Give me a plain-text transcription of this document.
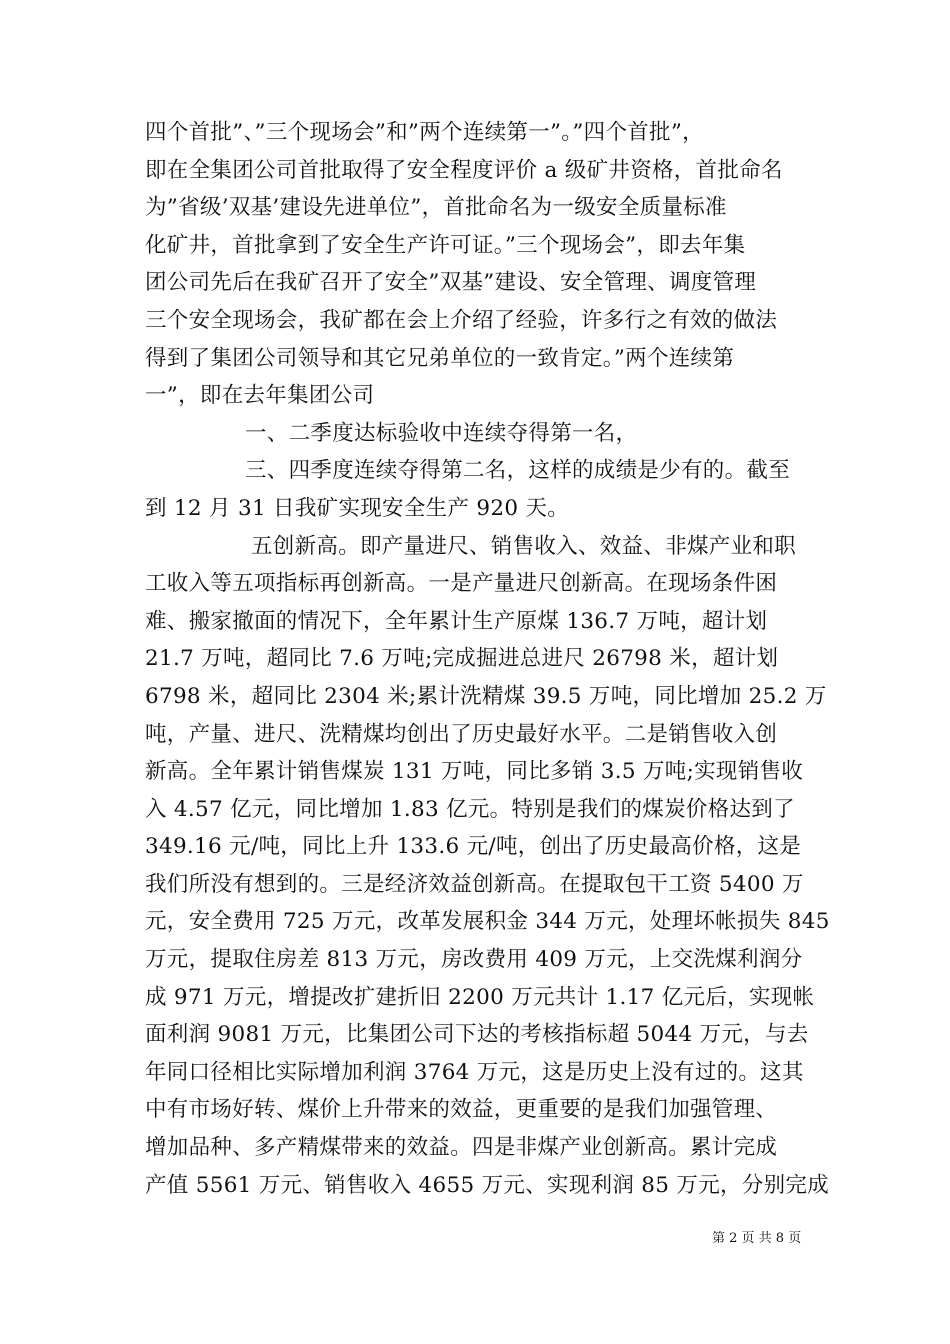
四个首批”、”三个现场会”和”两个连续第一”。”四个首批”，
即在全集团公司首批取得了安全程度评价 a 级矿井资格，首批命名
为”省级’双基’建设先进单位”，首批命名为一级安全质量标准
化矿井，首批拿到了安全生产许可证。”三个现场会”，即去年集
团公司先后在我矿召开了安全”双基”建设、安全管理、调度管理
三个安全现场会，我矿都在会上介绍了经验，许多行之有效的做法
得到了集团公司领导和其它兄弟单位的一致肯定。”两个连续第
一”，即在去年集团公司
一、二季度达标验收中连续夺得第一名，
三、四季度连续夺得第二名，这样的成绩是少有的。截至
到 12 月 31 日我矿实现安全生产 920 天。
五创新高。即产量进尺、销售收入、效益、非煤产业和职
工收入等五项指标再创新高。一是产量进尺创新高。在现场条件困
难、搬家撤面的情况下，全年累计生产原煤 136.7 万吨，超计划
21.7 万吨，超同比 7.6 万吨;完成掘进总进尺 26798 米，超计划
6798 米，超同比 2304 米;累计洗精煤 39.5 万吨，同比增加 25.2 万
吨，产量、进尺、洗精煤均创出了历史最好水平。二是销售收入创
新高。全年累计销售煤炭 131 万吨，同比多销 3.5 万吨;实现销售收
入 4.57 亿元，同比增加 1.83 亿元。特别是我们的煤炭价格达到了
349.16 元/吨，同比上升 133.6 元/吨，创出了历史最高价格，这是
我们所没有想到的。三是经济效益创新高。在提取包干工资 5400 万
元，安全费用 725 万元，改革发展积金 344 万元，处理坏帐损失 845
万元，提取住房差 813 万元，房改费用 409 万元，上交洗煤利润分
成 971 万元，增提改扩建折旧 2200 万元共计 1.17 亿元后，实现帐
面利润 9081 万元，比集团公司下达的考核指标超 5044 万元，与去
年同口径相比实际增加利润 3764 万元，这是历史上没有过的。这其
中有市场好转、煤价上升带来的效益，更重要的是我们加强管理、
增加品种、多产精煤带来的效益。四是非煤产业创新高。累计完成
产值 5561 万元、销售收入 4655 万元、实现利润 85 万元，分别完成
第 2 页 共 8 页
